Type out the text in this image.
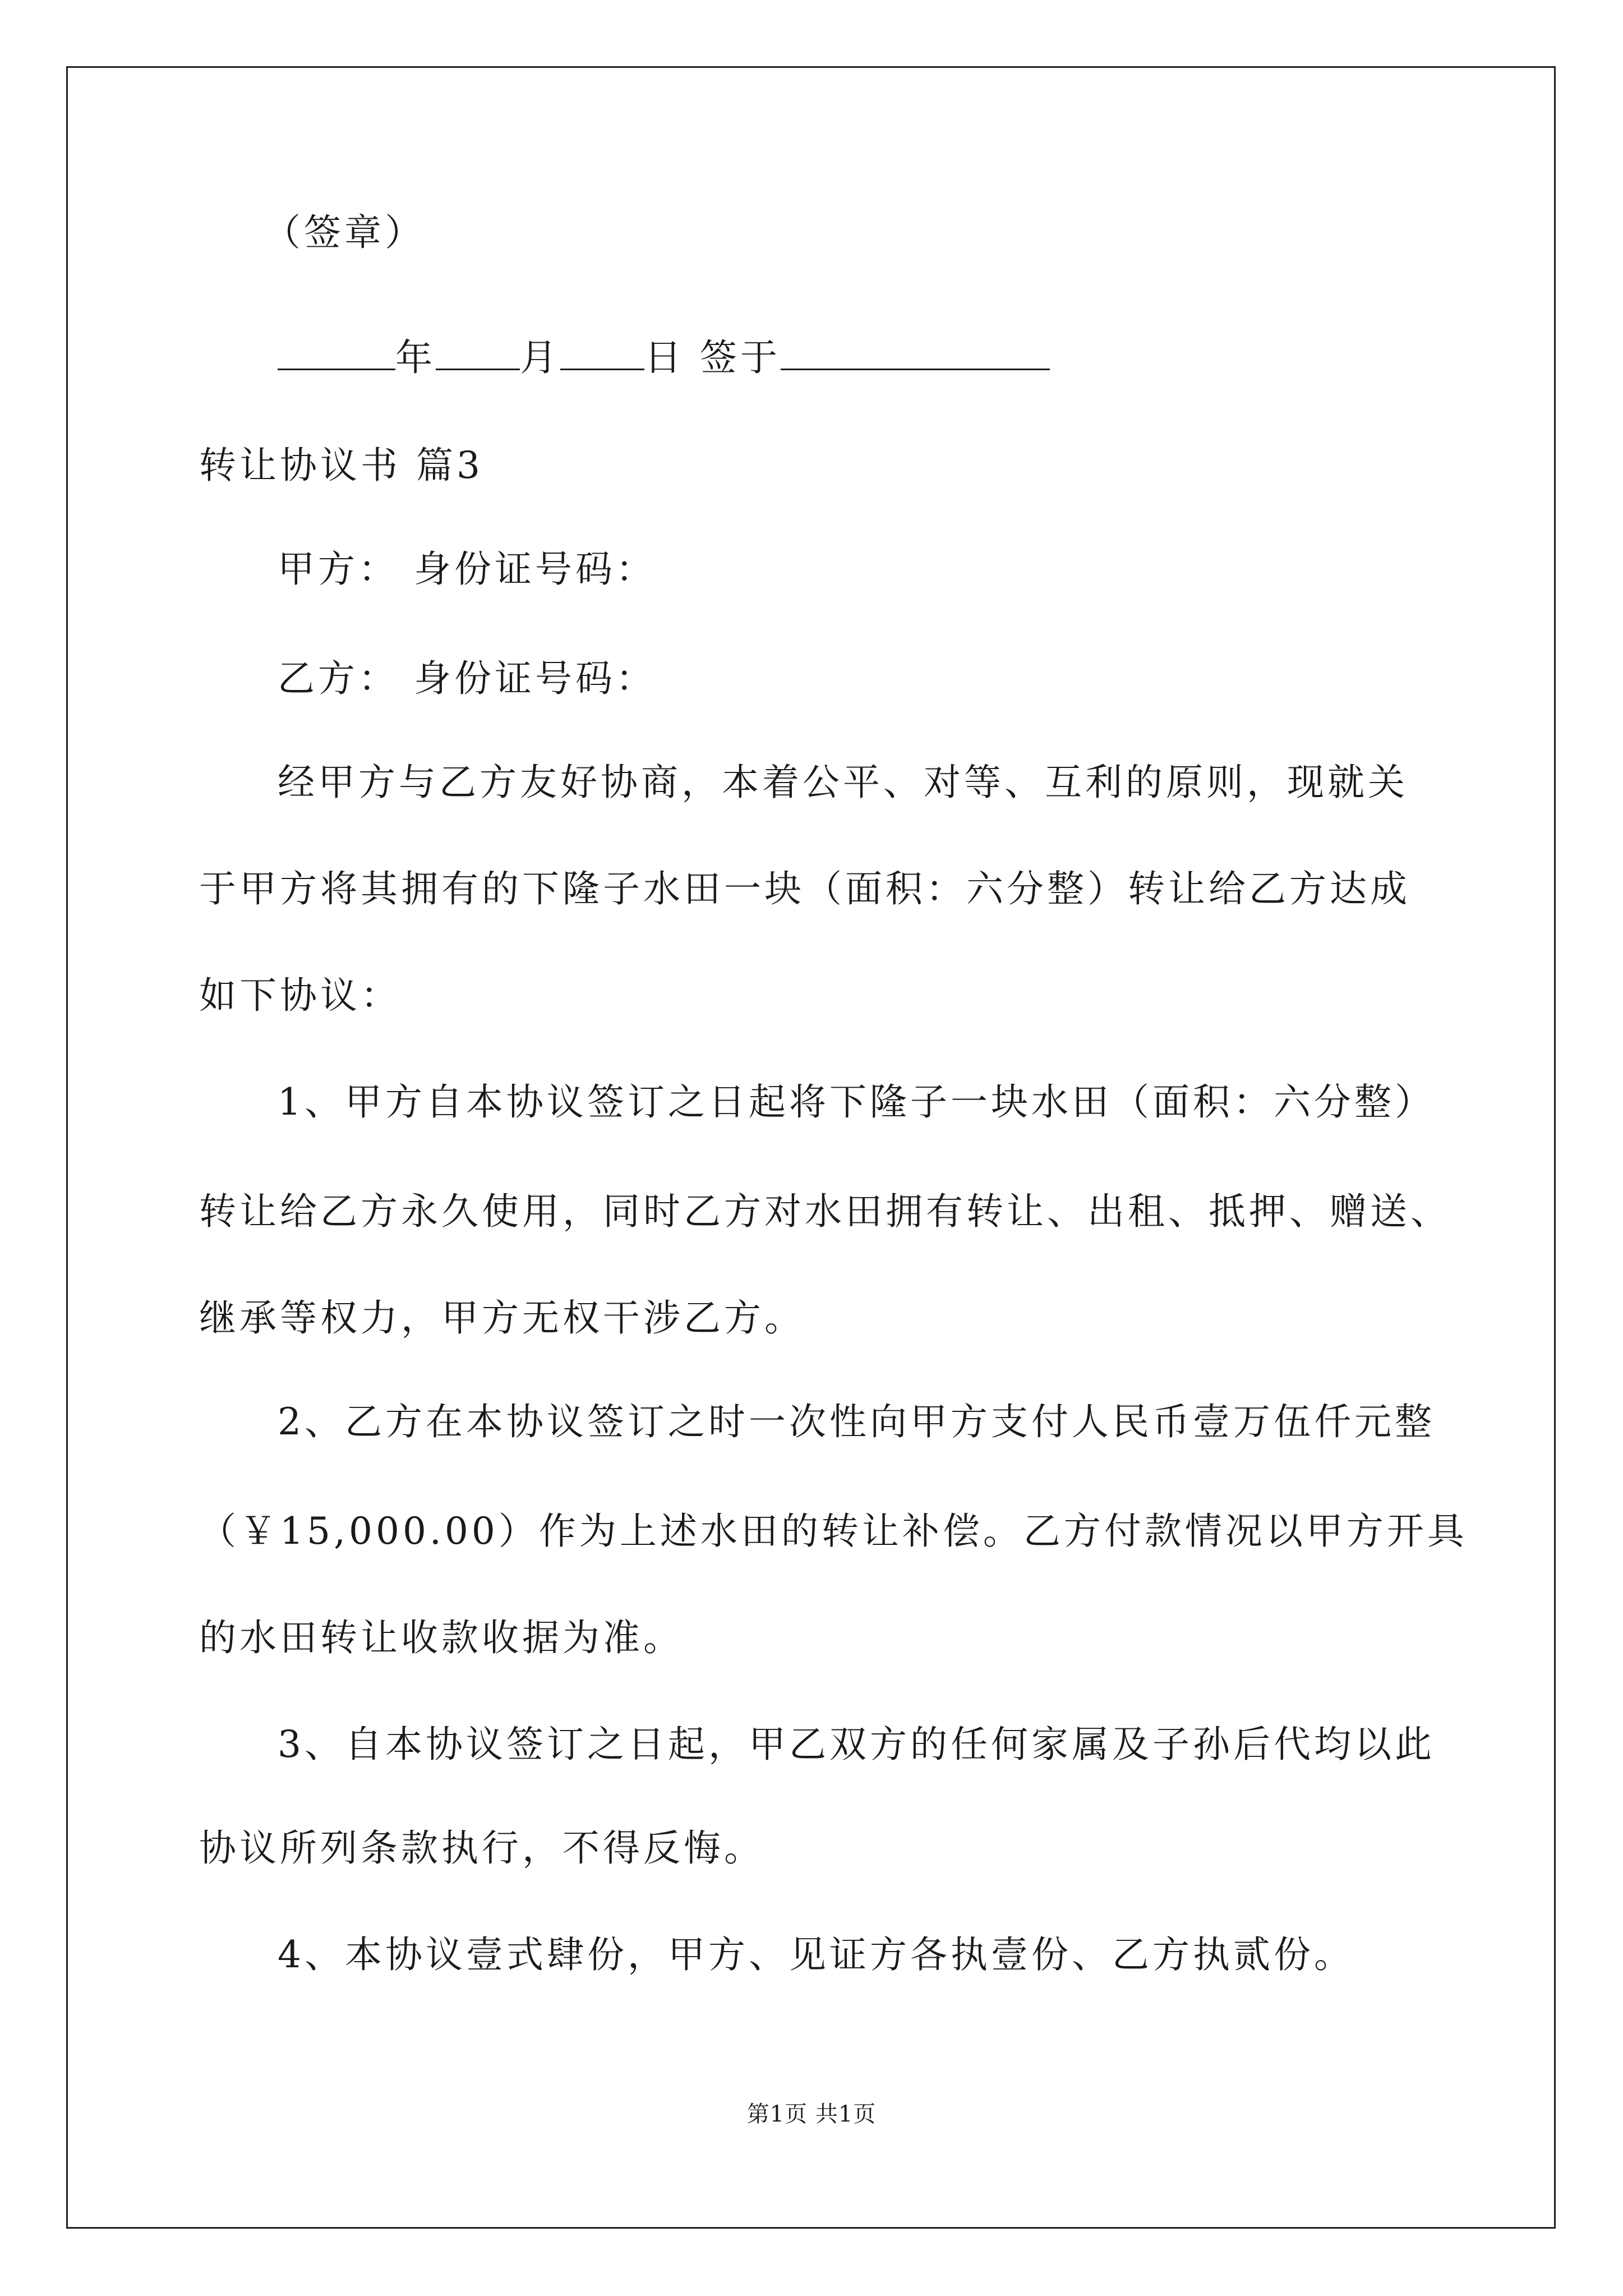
（签章）
年 月 日 签于
转让协议书 篇3
甲方： 身份证号码：
乙方： 身份证号码：
经甲方与乙方友好协商，本着公平、对等、互利的原则，现就关
于甲方将其拥有的下隆子水田一块（面积：六分整）转让给乙方达成
如下协议：
1、甲方自本协议签订之日起将下隆子一块水田（面积：六分整）
转让给乙方永久使用，同时乙方对水田拥有转让、出租、抵押、赠送、
继承等权力，甲方无权干涉乙方。
2、乙方在本协议签订之时一次性向甲方支付人民币壹万伍仟元整
（￥15,000.00）作为上述水田的转让补偿。乙方付款情况以甲方开具
的水田转让收款收据为准。
3、自本协议签订之日起，甲乙双方的任何家属及子孙后代均以此
协议所列条款执行，不得反悔。
4、本协议壹式肆份，甲方、见证方各执壹份、乙方执贰份。
第1页 共1页
